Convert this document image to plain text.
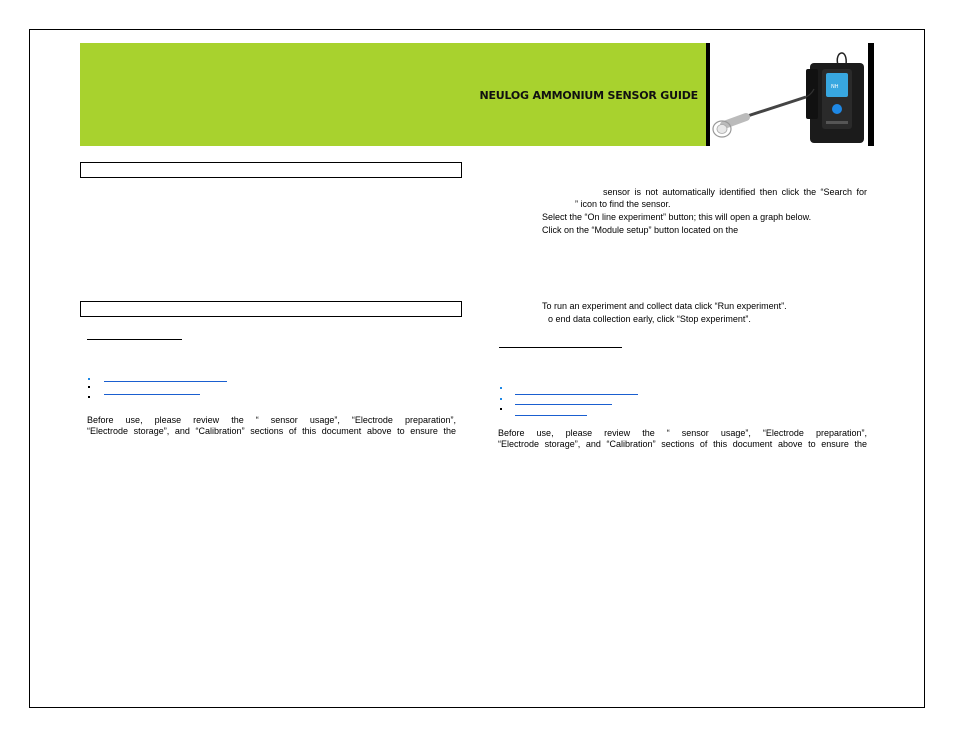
NEULOG AMMONIUM SENSOR GUIDE
NH
Before use, please review the “ sensor usage”, “Electrode preparation”,
“Electrode storage”, and “Calibration” sections of this document above to ensure the
sensor is not automatically identified then click the “Search for
” icon to find the sensor.
Select the “On line experiment” button; this will open a graph below.
Click on the “Module setup” button located on the
To run an experiment and collect data click “Run experiment”.
o end data collection early, click “Stop experiment”.
Before use, please review the “ sensor usage”, “Electrode preparation”,
“Electrode storage”, and “Calibration” sections of this document above to ensure the
